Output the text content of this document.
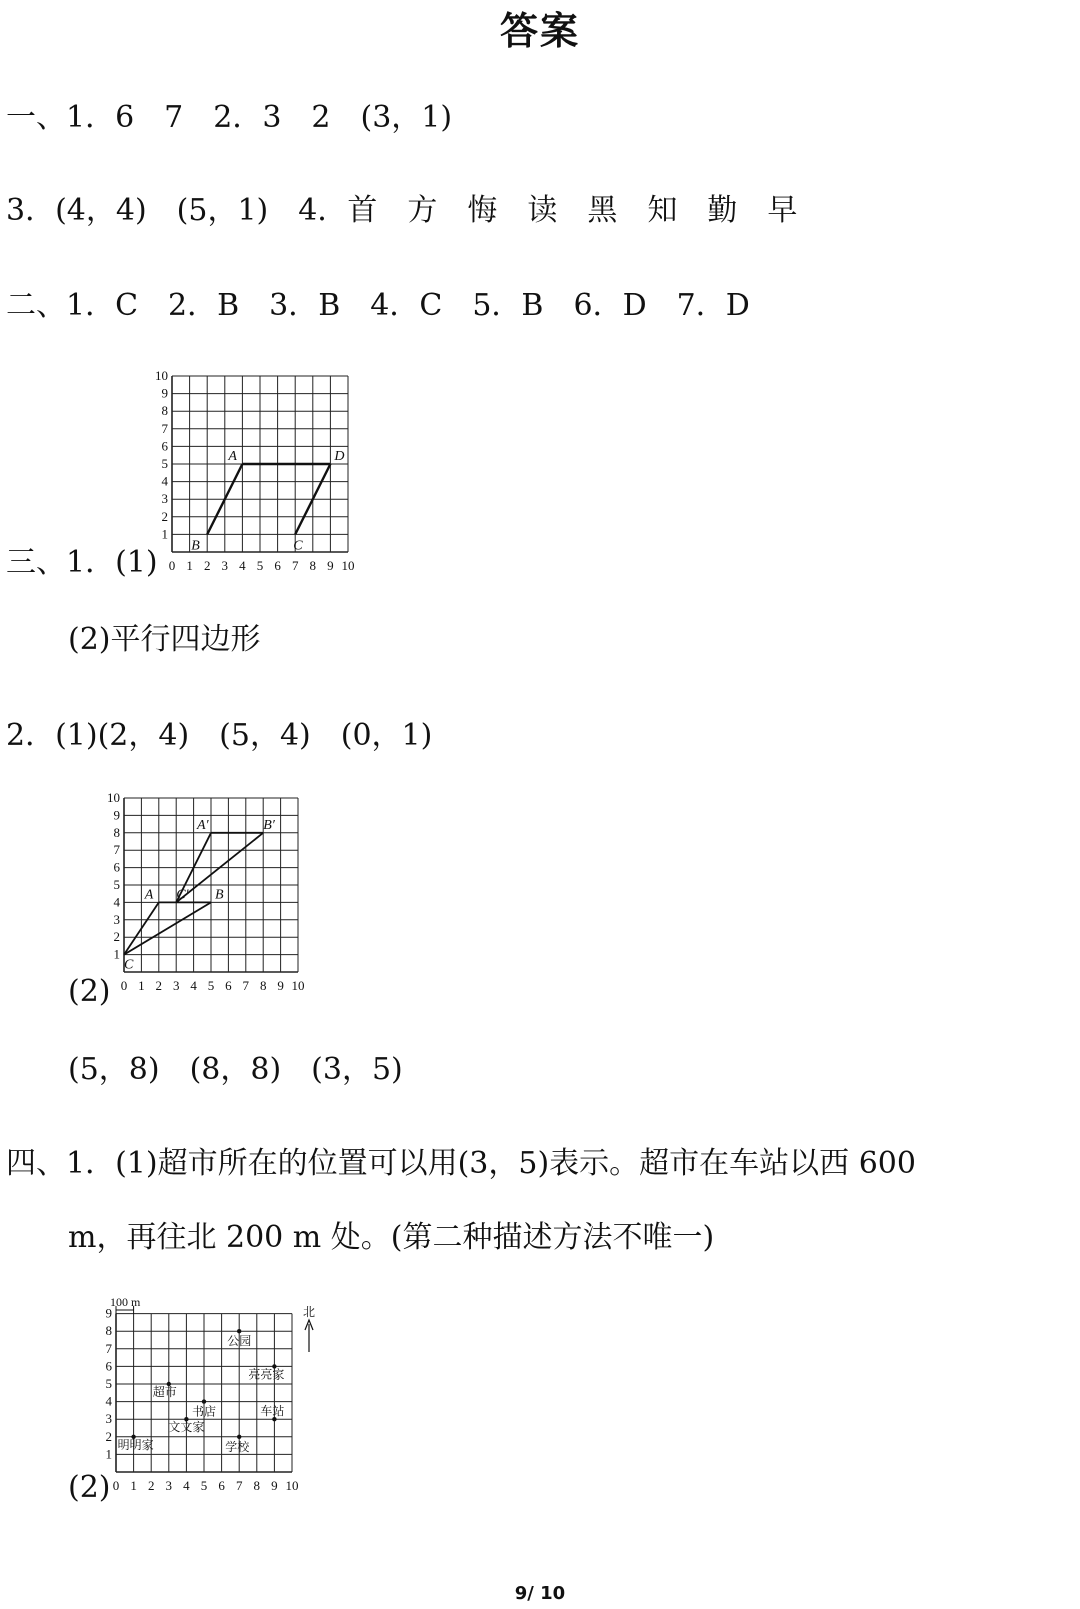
答案
一、1．6　7　2．3　2　(3，1)
3．(4，4)　(5，1)　4．首　方　悔　读　黑　知　勤　早
二、1．C　2．B　3．B　4．C　5．B　6．D　7．D
0 1 2 3 4 5 6 7 8 9 10
1
2
3
4
5
6
7
8
9
10
A
B	C
D
三、1．(1)
(2)平行四边形
2．(1)(2，4)　(5，4)　(0，1)
0 1 2 3 4 5 6 7 8 9 10
1
2
3
4
5
6
7
8
9
10
A C′ B
C
A′	B′
(2)
(5，8)　(8，8)　(3，5)
四、1．(1)超市所在的位置可以用(3，5)表示。超市在车站以西 600
m，再往北 200 m 处。(第二种描述方法不唯一)
0 1 2 3 4 5 6 7 8 9 10
1
2
3
4
5
6
7
8
9
100 m
北
公园
亮亮家
超市
书店	车站
文文家
明明家	学校
(2)
9/ 10
